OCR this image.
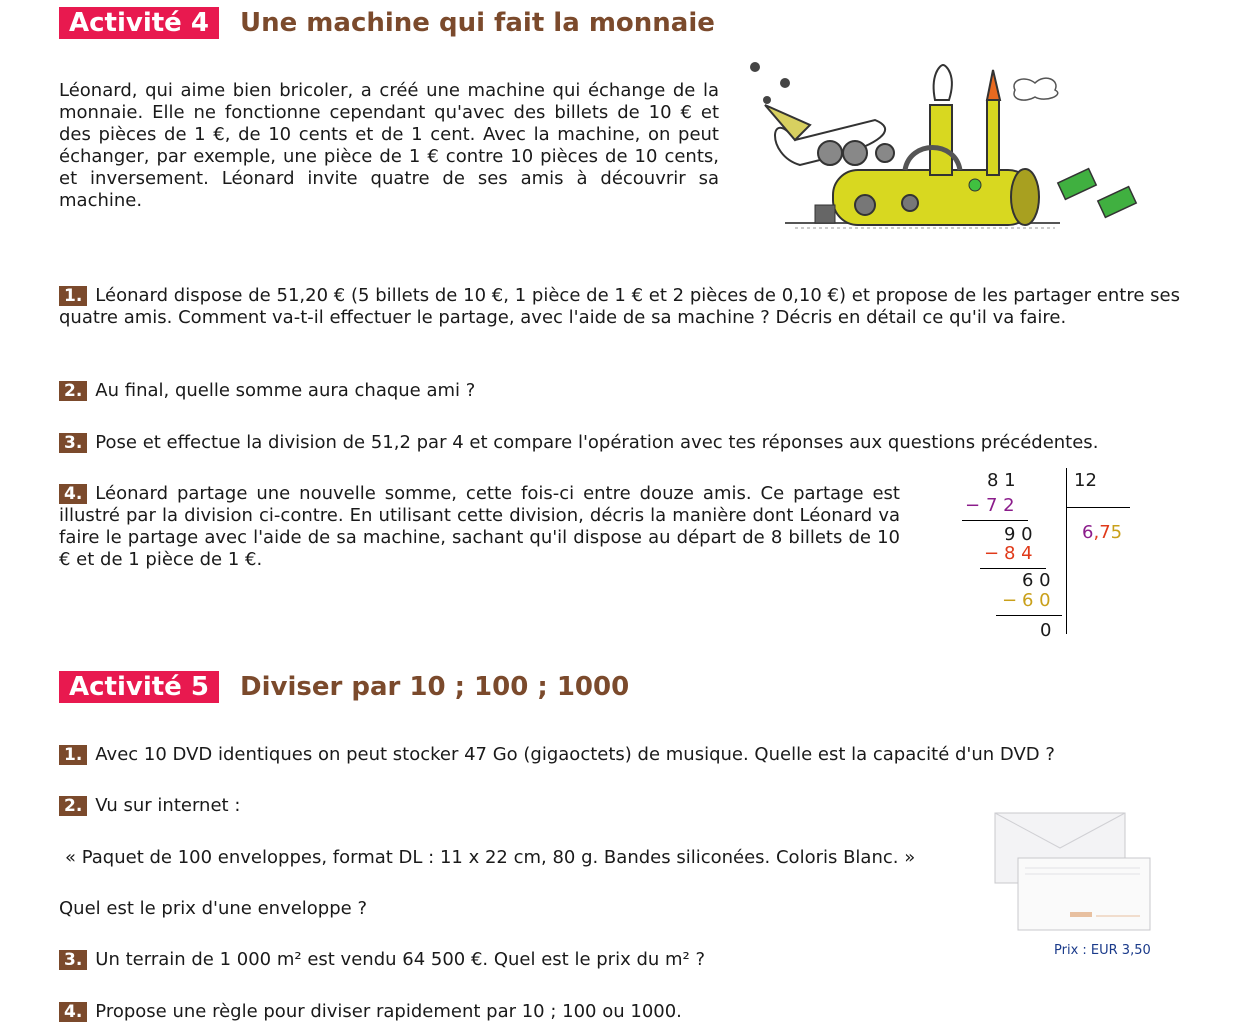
Activité 4	Une machine qui fait la monnaie
Léonard, qui aime bien bricoler, a créé une machine qui échange de la monnaie. Elle ne fonctionne cependant qu'avec des billets de 10 € et des pièces de 1 €, de 10 cents et de 1 cent. Avec la machine, on peut échanger, par exemple, une pièce de 1 € contre 10 pièces de 10 cents, et inversement. Léonard invite quatre de ses amis à découvrir sa machine.
1. Léonard dispose de 51,20 € (5 billets de 10 €, 1 pièce de 1 € et 2 pièces de 0,10 €) et propose de les partager entre ses quatre amis. Comment va-t-il effectuer le partage, avec l'aide de sa machine ? Décris en détail ce qu'il va faire.
2. Au final, quelle somme aura chaque ami ?
3. Pose et effectue la division de 51,2 par 4 et compare l'opération avec tes réponses aux questions précédentes.
4. Léonard partage une nouvelle somme, cette fois-ci entre douze amis. Ce partage est illustré par la division ci-contre. En utilisant cette division, décris la manière dont Léonard va faire le partage avec l'aide de sa machine, sachant qu'il dispose au départ de 8 billets de 10 € et de 1 pièce de 1 €.
8 1	12
− 7 2
9 0
− 8 4
6 0
− 6 0
0
6,75
Activité 5	Diviser par 10 ; 100 ; 1000
1. Avec 10 DVD identiques on peut stocker 47 Go (gigaoctets) de musique. Quelle est la capacité d'un DVD ?
2. Vu sur internet :
« Paquet de 100 enveloppes, format DL : 11 x 22 cm, 80 g. Bandes siliconées. Coloris Blanc. »
Quel est le prix d'une enveloppe ?
3. Un terrain de 1 000 m² est vendu 64 500 €. Quel est le prix du m² ?
4. Propose une règle pour diviser rapidement par 10 ; 100 ou 1000.
Prix : EUR 3,50
